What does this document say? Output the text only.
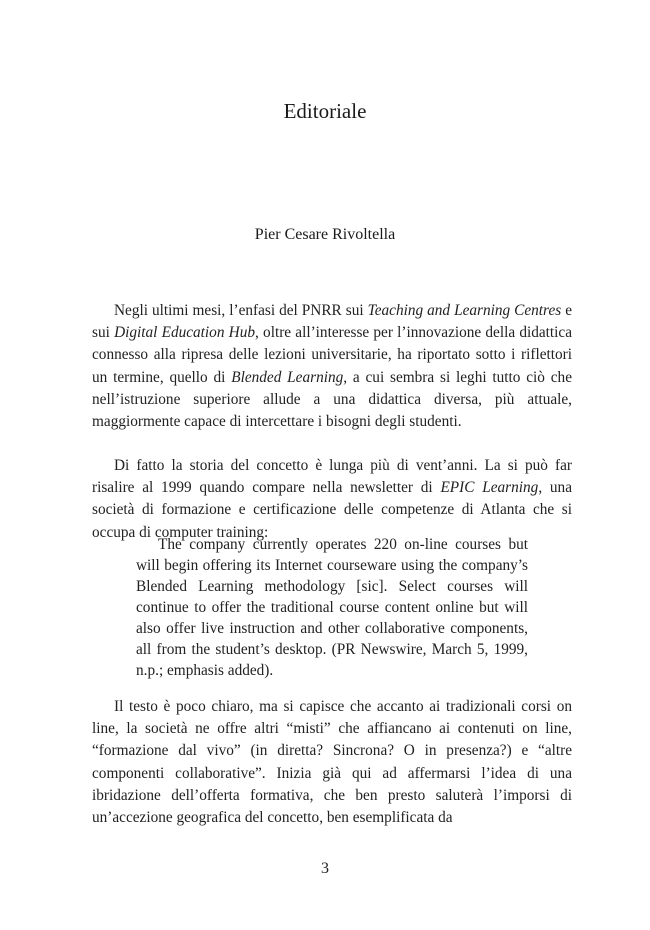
Editoriale
Pier Cesare Rivoltella

Negli ultimi mesi, l’enfasi del PNRR sui Teaching and Learning Centres e sui Digital Education Hub, oltre all’interesse per l’innovazione della didattica connesso alla ripresa delle lezioni universitarie, ha riportato sotto i riflettori un termine, quello di Blended Learning, a cui sembra si leghi tutto ciò che nell’istruzione superiore allude a una didattica diversa, più attuale, maggiormente capace di intercettare i bisogni degli studenti.

Di fatto la storia del concetto è lunga più di vent’anni. La si può far risalire al 1999 quando compare nella newsletter di EPIC Learning, una società di formazione e certificazione delle competenze di Atlanta che si occupa di computer training:

The company currently operates 220 on-line courses but will begin offering its Internet courseware using the company’s Blended Learning methodology [sic]. Select courses will continue to offer the traditional course content online but will also offer live instruction and other collaborative components, all from the student’s desktop. (PR Newswire, March 5, 1999, n.p.; emphasis added).

Il testo è poco chiaro, ma si capisce che accanto ai tradizionali corsi on line, la società ne offre altri “misti” che affiancano ai contenuti on line, “formazione dal vivo” (in diretta? Sincrona? O in presenza?) e “altre componenti collaborative”. Inizia già qui ad affermarsi l’idea di una ibridazione dell’offerta formativa, che ben presto saluterà l’imporsi di un’accezione geografica del concetto, ben esemplificata da

3
